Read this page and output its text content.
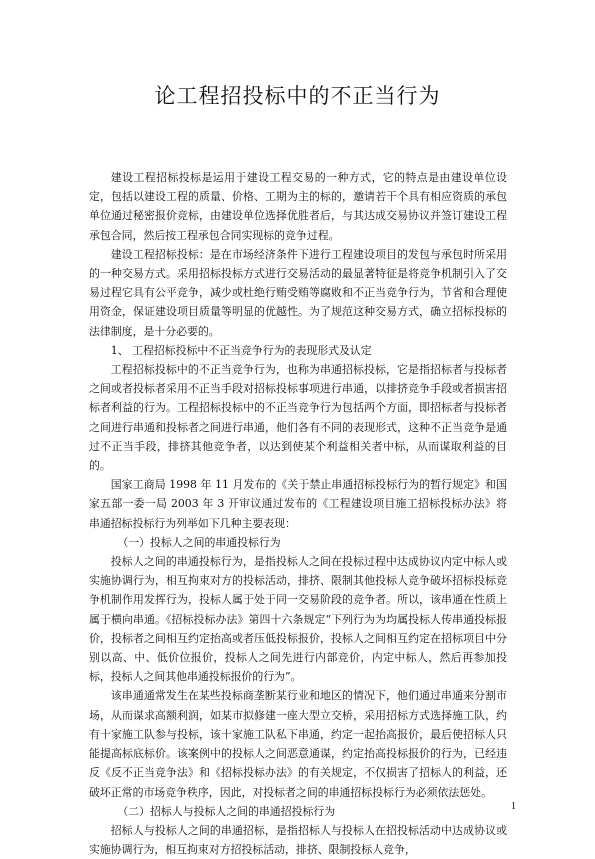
论工程招投标中的不正当行为

建设工程招标投标是运用于建设工程交易的一种方式，它的特点是由建设单位设定，包括以建设工程的质量、价格、工期为主的标的，邀请若干个具有相应资质的承包单位通过秘密报价竞标，由建设单位选择优胜者后，与其达成交易协议并签订建设工程承包合同，然后按工程承包合同实现标的竞争过程。

建设工程招标投标：是在市场经济条件下进行工程建设项目的发包与承包时所采用的一种交易方式。采用招标投标方式进行交易活动的最显著特征是将竞争机制引入了交易过程它具有公平竞争，减少或杜绝行贿受贿等腐败和不正当竞争行为，节省和合理使用资金，保证建设项目质量等明显的优越性。为了规范这种交易方式，确立招标投标的法律制度，是十分必要的。

1、 工程招标投标中不正当竞争行为的表现形式及认定

工程招标投标中的不正当竞争行为，也称为串通招标投标，它是指招标者与投标者之间或者投标者采用不正当手段对招标投标事项进行串通，以排挤竞争手段或者损害招标者利益的行为。工程招标投标中的不正当竞争行为包括两个方面，即招标者与投标者之间进行串通和投标者之间进行串通，他们各有不同的表现形式，这种不正当竞争是通过不正当手段，排挤其他竞争者，以达到使某个利益相关者中标，从而谋取利益的目的。

国家工商局 1998 年 11 月发布的《关于禁止串通招标投标行为的暂行规定》和国家五部一委一局 2003 年 3 开审议通过发布的《工程建设项目施工招标投标办法》将串通招标投标行为列举如下几种主要表现：

（一）投标人之间的串通投标行为

投标人之间的串通投标行为，是指投标人之间在投标过程中达成协议内定中标人或实施协调行为，相互拘束对方的投标活动，排挤、限制其他投标人竞争破坏招标投标竞争机制作用发挥行为，投标人属于处于同一交易阶段的竞争者。所以，该串通在性质上属于横向串通。《招标投标办法》第四十六条规定“下列行为为均属投标人传串通投标报价，投标者之间相互约定抬高或者压低投标报价，投标人之间相互约定在招标项目中分别以高、中、低价位报价，投标人之间先进行内部竞价，内定中标人，然后再参加投标，投标人之间其他串通投标报价的行为”。

该串通通常发生在某些投标商垄断某行业和地区的情况下，他们通过串通来分割市场，从而谋求高额利润，如某市拟修建一座大型立交桥，采用招标方式选择施工队，约有十家施工队参与投标，该十家施工队私下串通，约定一起抬高报价，最后使招标人只能提高标底标价。该案例中的投标人之间恶意通谋，约定抬高投标报价的行为，已经违反《反不正当竞争法》和《招标投标办法》的有关规定，不仅损害了招标人的利益，还破坏正常的市场竞争秩序，因此，对投标者之间的串通招标投标行为必须依法惩处。

（二）招标人与投标人之间的串通招投标行为

招标人与投标人之间的串通招标，是指招标人与投标人在招投标活动中达成协议或实施协调行为，相互拘束对方招投标活动，排挤、限制投标人竞争，

1
